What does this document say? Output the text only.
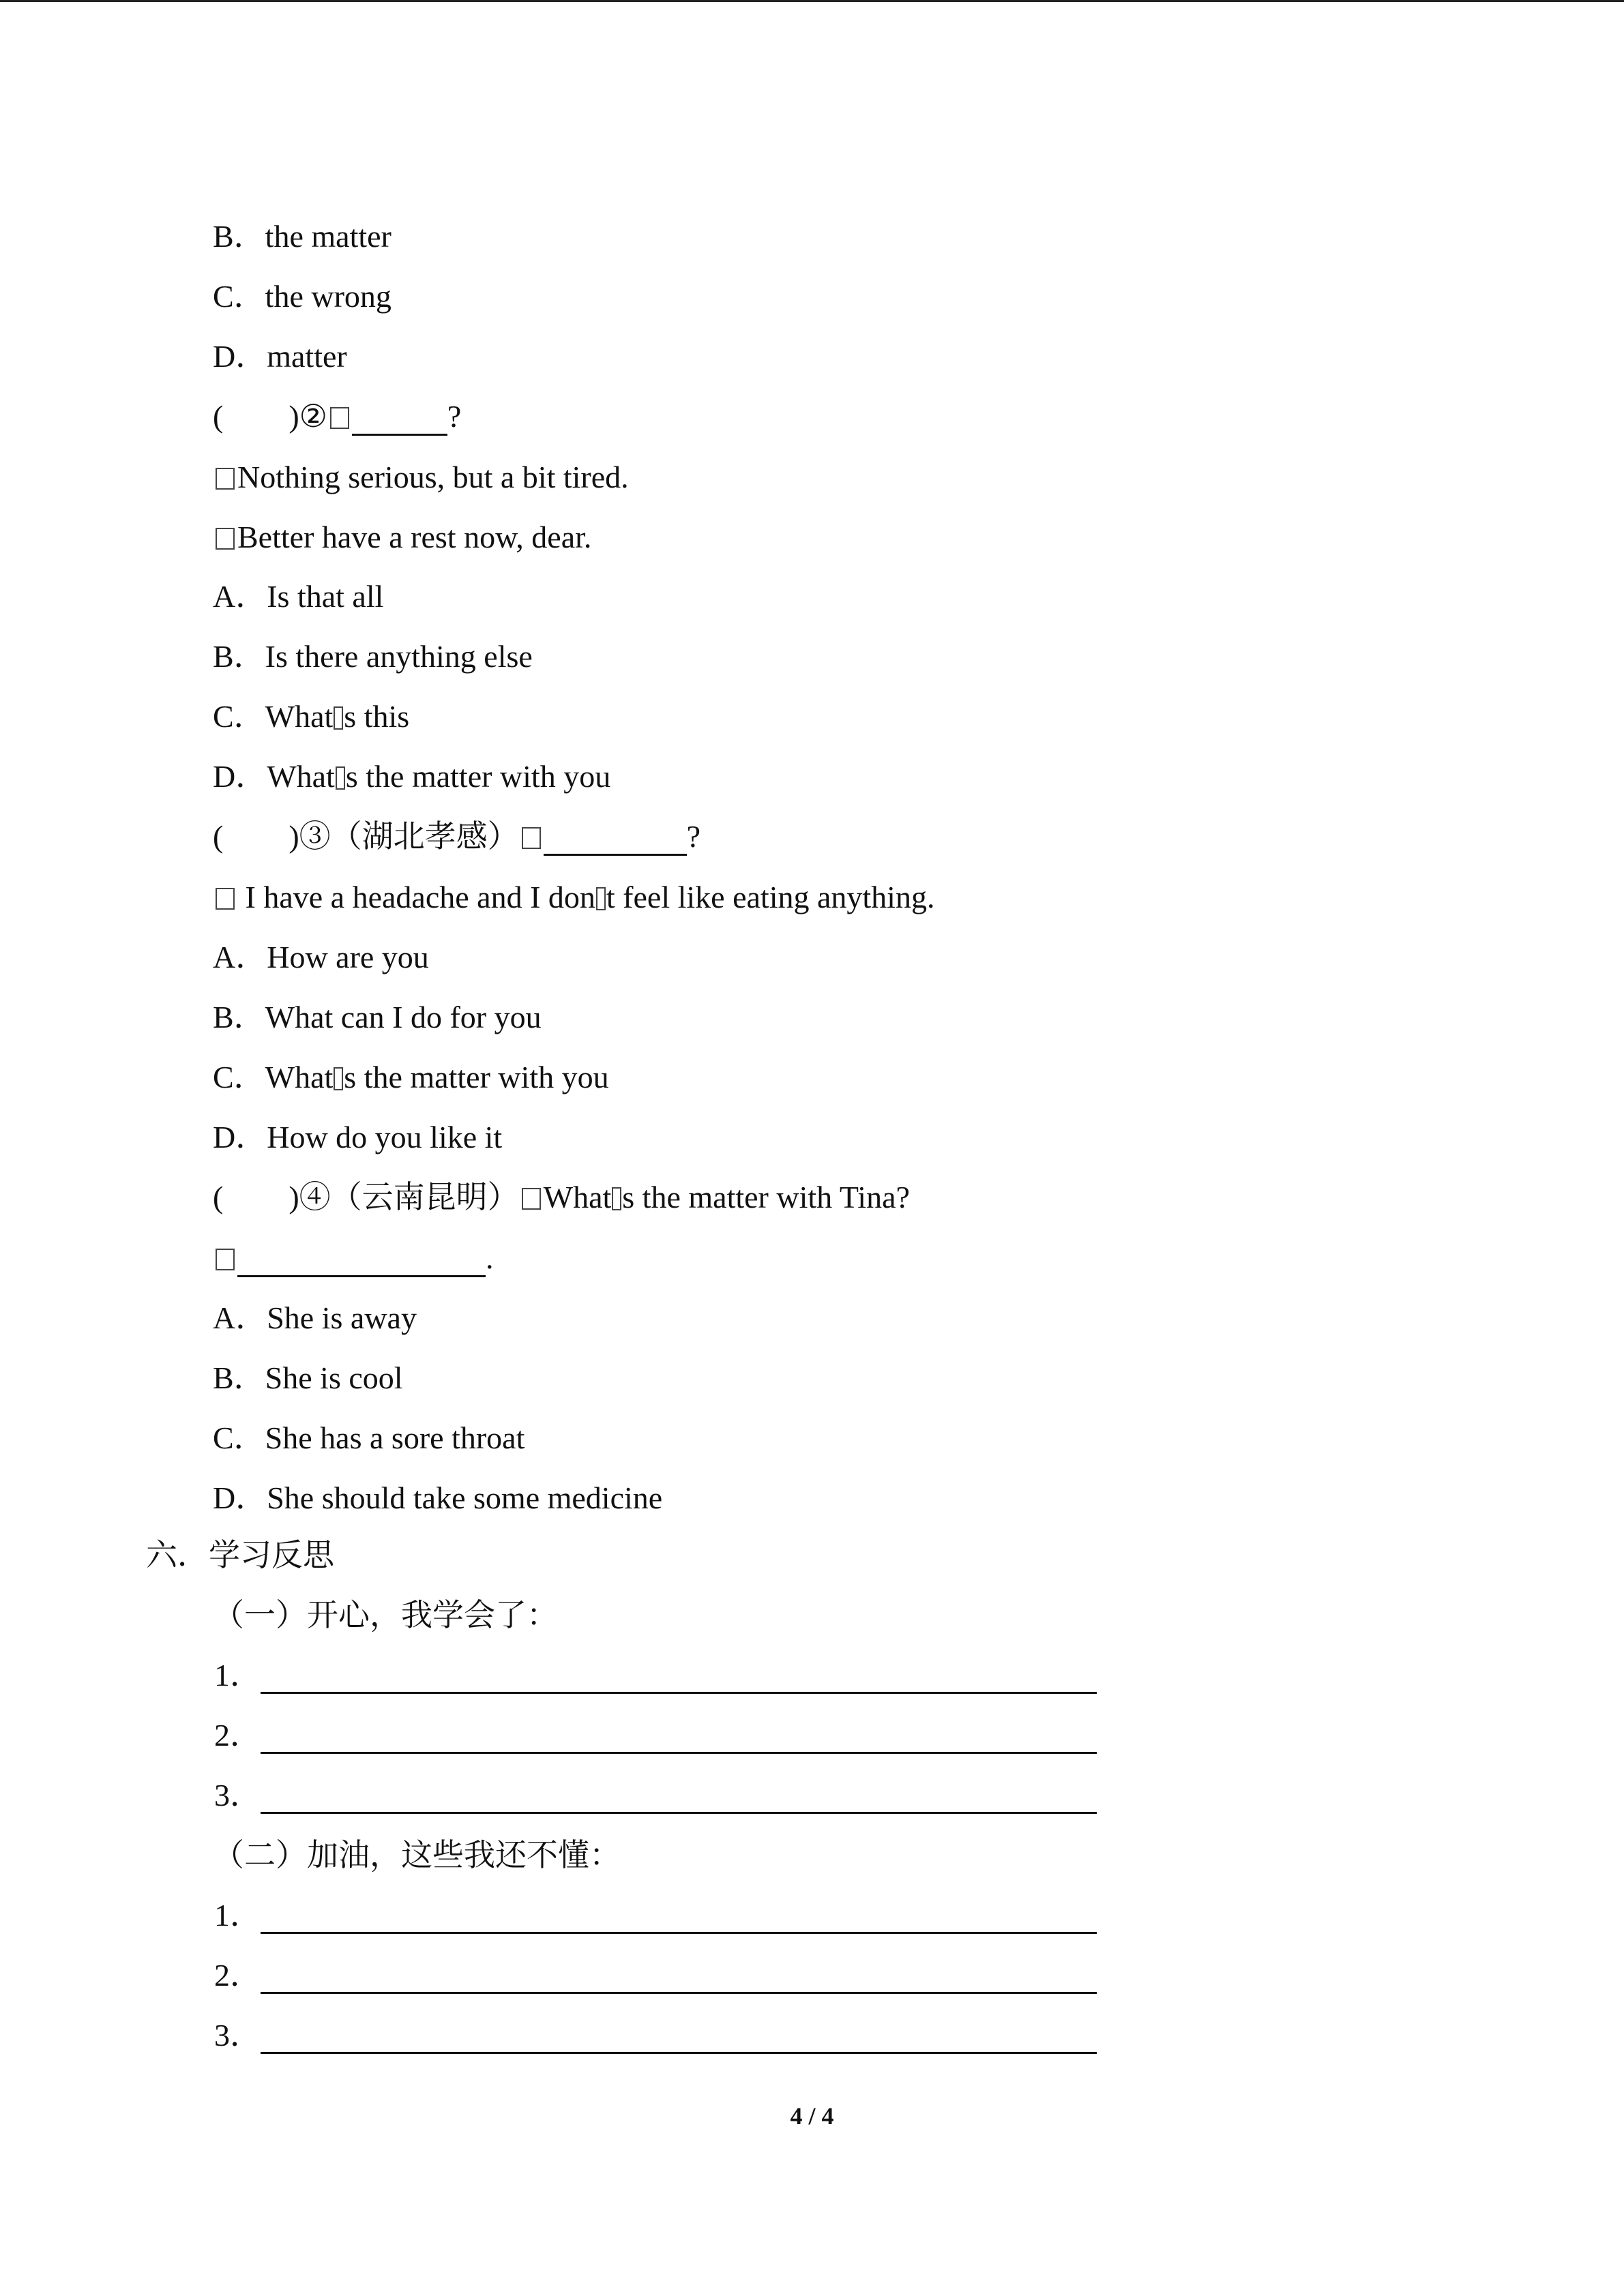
B．the matter
C．the wrong
D．matter
( )②	?
Nothing serious, but a bit tired.
Better have a rest now, dear.
A．Is that all
B．Is there anything else
C．What s this
D．What s the matter with you
( )③（湖北孝感）	?
I have a headache and I don t feel like eating anything.
A．How are you
B．What can I do for you
C．What s the matter with you
D．How do you like it
( )④（云南昆明） What s the matter with Tina?
.
A．She is away
B．She is cool
C．She has a sore throat
D．She should take some medicine
六．学习反思
（一）开心，我学会了：
1．
2．
3．
（二）加油，这些我还不懂：
1．
2．
3．
4 / 4
